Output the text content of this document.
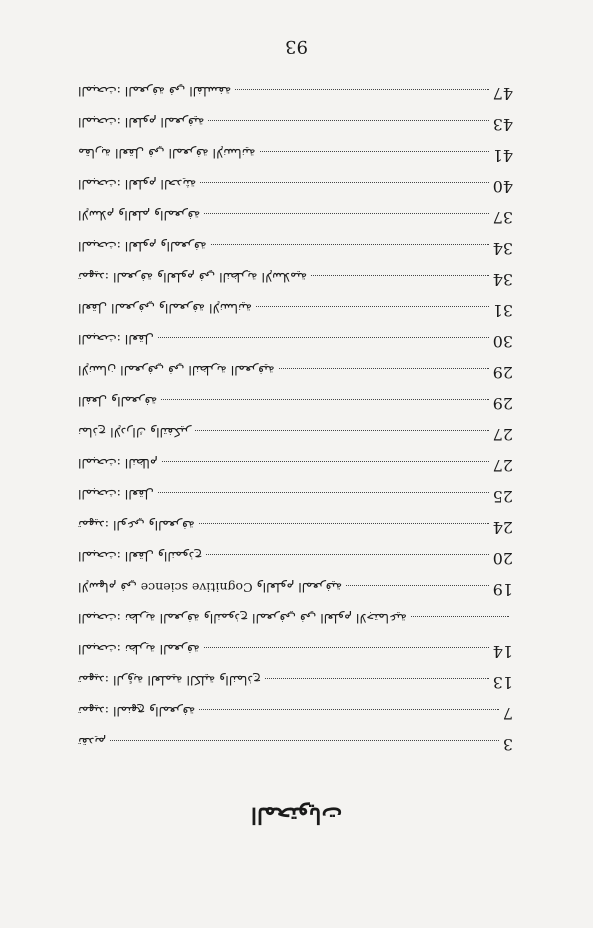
المحتويات
تقديم	3
تمهيد: المنهج والمعرفة	7
تمهيد: الرؤية العلمية الكلية والنماذج	13
المبحث: نظرية المعرفة	14
المبحث: نظرية المعرفة والنموذج المعرفي في العلوم الاجتماعية
الإسهام في Cognitive science والعلوم المعرفية	19
المبحث: العقل والنموذج	20
تمهيد: الوعي والمعرفة	24
المبحث: العقل	25
المبحث: النظام	27
نماذج الإدراك والتفكير	27
الفعل والمعرفة	29
الإنسان المعرفي في النظرية المعرفية	29
المبحث: العقل	30
العقل المعرفي والمعرفة الإنسانية	31
تمهيد: المعرفة والعلوم في النظرية الإسلامية	34
المبحث: العلوم والمعرفة	34
الإسلام والعلم والمعرفة	37
المبحث: العلوم الحديثة	40
مقاربة العقل في المعرفة الإنسانية	41
المبحث: العلوم المعرفية	43
المبحث: المعرفة في الفلسفة	47
93
